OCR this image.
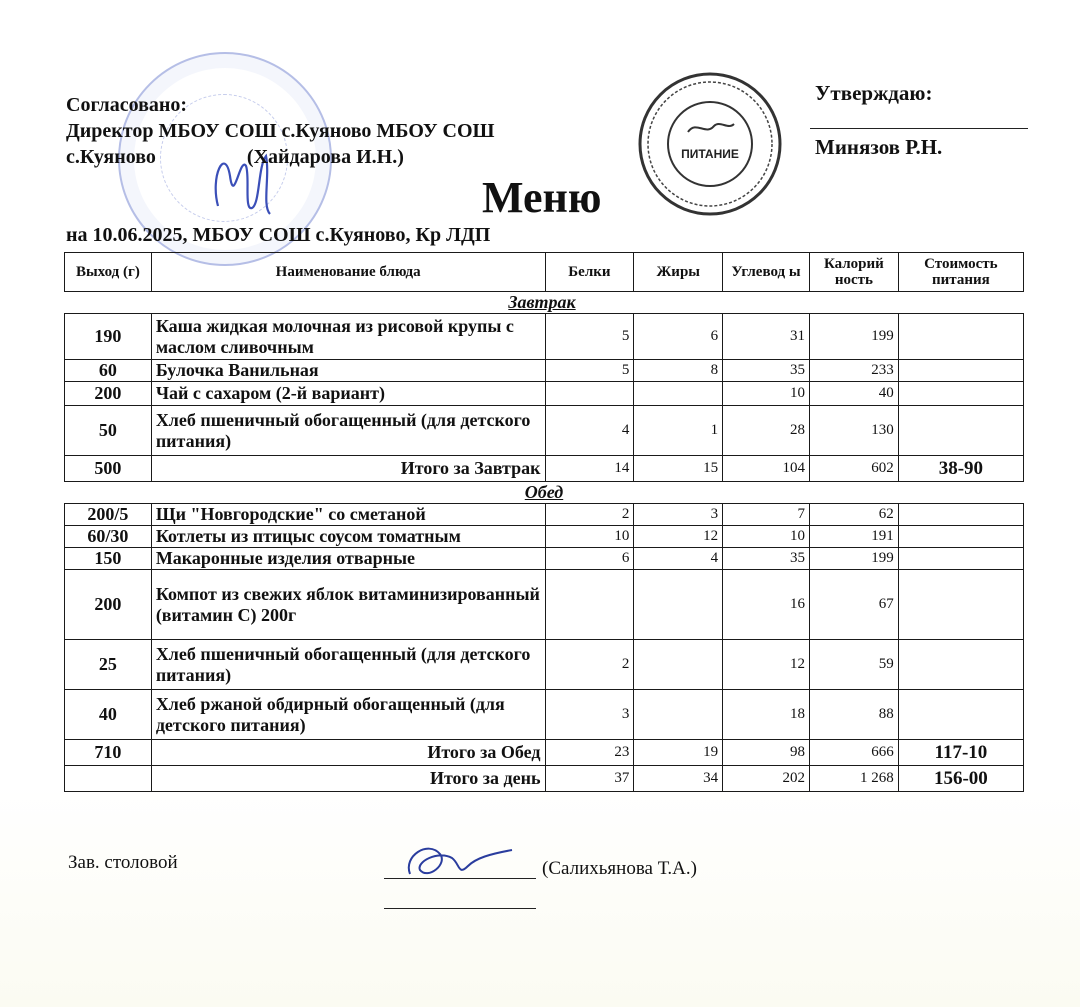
ПИТАНИЕ
Согласовано:
Директор МБОУ СОШ с.Куяново МБОУ СОШ
с.Куяново	(Хайдарова И.Н.)
Утверждаю:
Минязов Р.Н.
Меню
на 10.06.2025, МБОУ СОШ с.Куяново, Кр ЛДП
Выход (г)	Наименование блюда	Белки	Жиры	Углевод ы	Калорий ность	Стоимость питания
Завтрак						
190	Каша жидкая молочная из рисовой крупы с маслом сливочным	5	6	31	199	
60	Булочка Ванильная	5	8	35	233	
200	Чай с сахаром (2-й вариант)			10	40	
50	Хлеб пшеничный обогащенный (для детского питания)	4	1	28	130	
500	Итого за Завтрак	14	15	104	602	38-90
Обед						
200/5	Щи "Новгородские" со сметаной	2	3	7	62	
60/30	Котлеты из птицыс соусом томатным	10	12	10	191	
150	Макаронные изделия отварные	6	4	35	199	
200	Компот из свежих яблок витаминизированный (витамин С) 200г			16	67	
25	Хлеб пшеничный обогащенный (для детского питания)	2		12	59	
40	Хлеб ржаной обдирный обогащенный (для детского питания)	3		18	88	
710	Итого за Обед	23	19	98	666	117-10
	Итого за день	37	34	202	1 268	156-00
Зав. столовой	(Салихьянова Т.А.)
